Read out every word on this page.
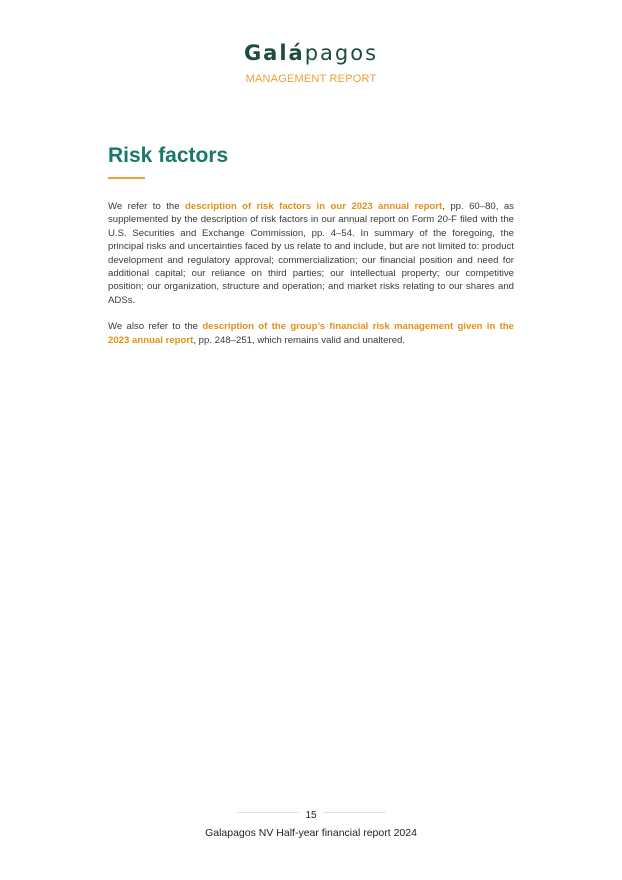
Galápagos
MANAGEMENT REPORT
Risk factors

We refer to the description of risk factors in our 2023 annual report, pp. 60–80, as supplemented by the description of risk factors in our annual report on Form 20-F filed with the U.S. Securities and Exchange Commission, pp. 4–54. In summary of the foregoing, the principal risks and uncertainties faced by us relate to and include, but are not limited to: product development and regulatory approval; commercialization; our financial position and need for additional capital; our reliance on third parties; our intellectual property; our competitive position; our organization, structure and operation; and market risks relating to our shares and ADSs.

We also refer to the description of the group’s financial risk management given in the 2023 annual report, pp. 248–251, which remains valid and unaltered.

15
Galapagos NV Half-year financial report 2024
